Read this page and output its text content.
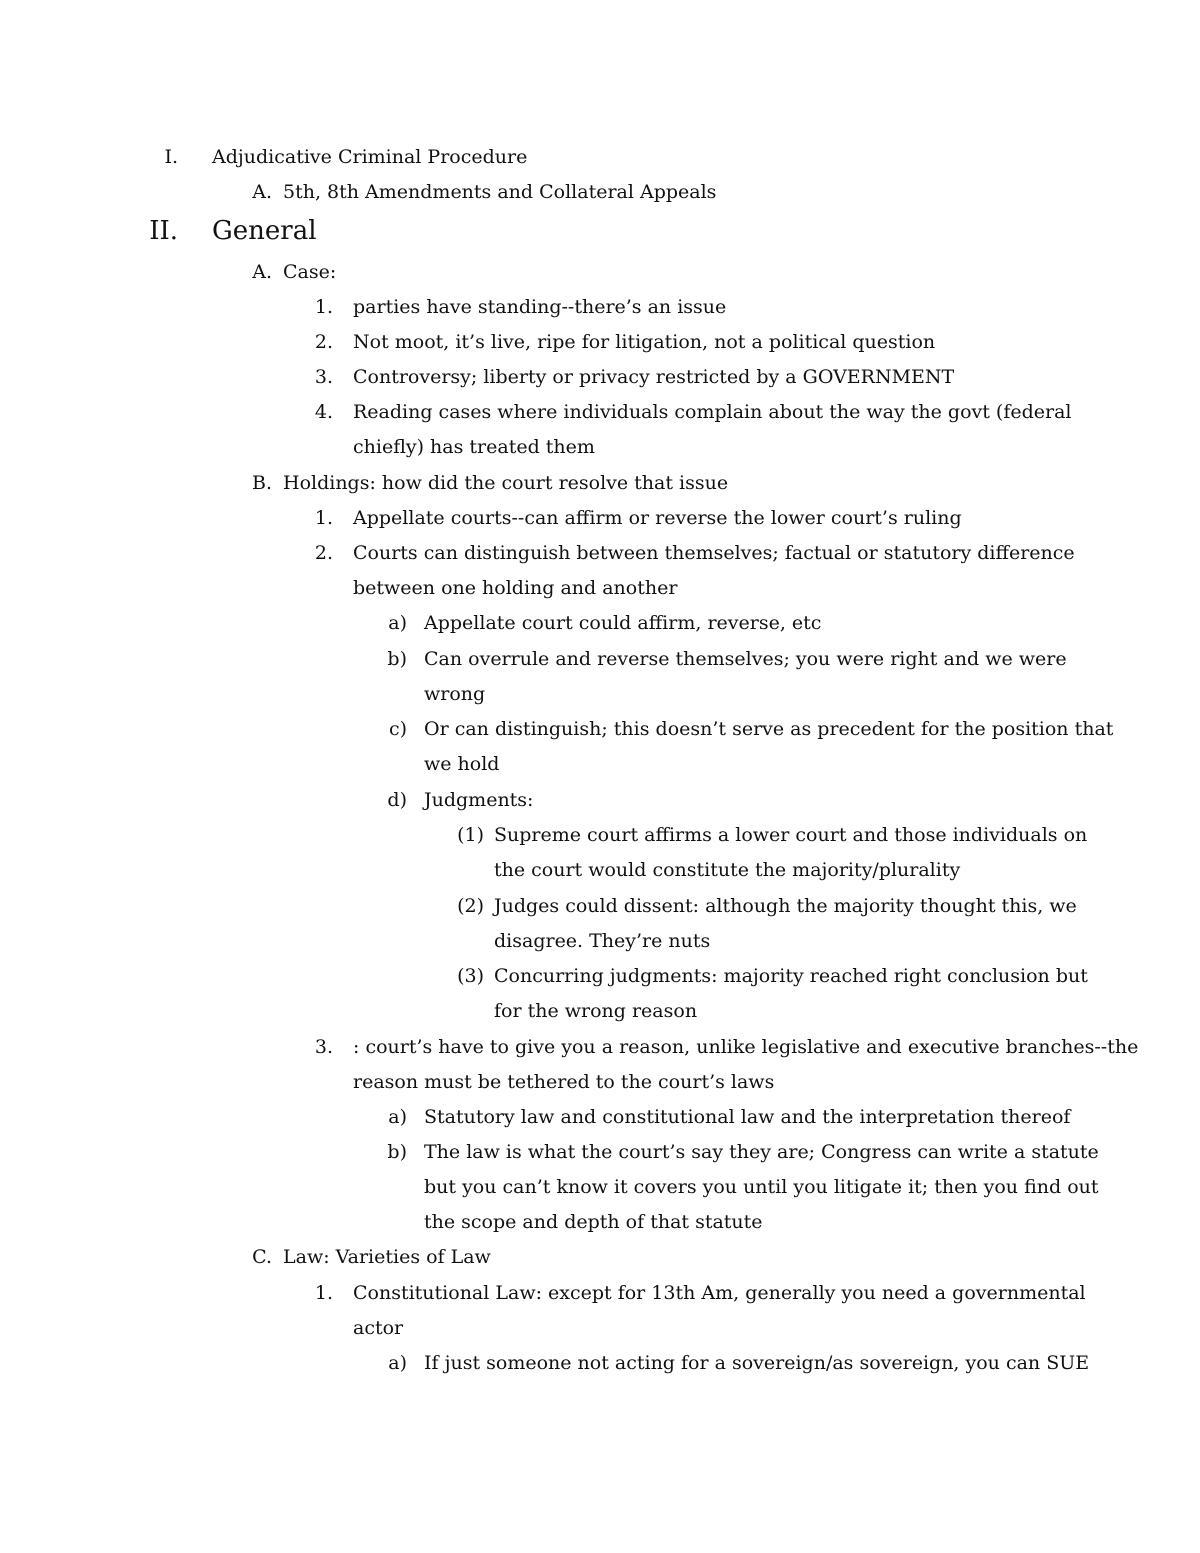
I. Adjudicative Criminal Procedure
A. 5th, 8th Amendments and Collateral Appeals
II. General
A. Case:
1. parties have standing--there’s an issue
2. Not moot, it’s live, ripe for litigation, not a political question
3. Controversy; liberty or privacy restricted by a GOVERNMENT
4. Reading cases where individuals complain about the way the govt (federal
chiefly) has treated them
B. Holdings: how did the court resolve that issue
1. Appellate courts--can affirm or reverse the lower court’s ruling
2. Courts can distinguish between themselves; factual or statutory difference
between one holding and another
a) Appellate court could affirm, reverse, etc
b) Can overrule and reverse themselves; you were right and we were
wrong
c) Or can distinguish; this doesn’t serve as precedent for the position that
we hold
d) Judgments:
(1) Supreme court affirms a lower court and those individuals on
the court would constitute the majority/plurality
(2) Judges could dissent: although the majority thought this, we
disagree. They’re nuts
(3) Concurring judgments: majority reached right conclusion but
for the wrong reason
3. : court’s have to give you a reason, unlike legislative and executive branches--the
reason must be tethered to the court’s laws
a) Statutory law and constitutional law and the interpretation thereof
b) The law is what the court’s say they are; Congress can write a statute
but you can’t know it covers you until you litigate it; then you find out
the scope and depth of that statute
C. Law: Varieties of Law
1. Constitutional Law: except for 13th Am, generally you need a governmental
actor
a) If just someone not acting for a sovereign/as sovereign, you can SUE
